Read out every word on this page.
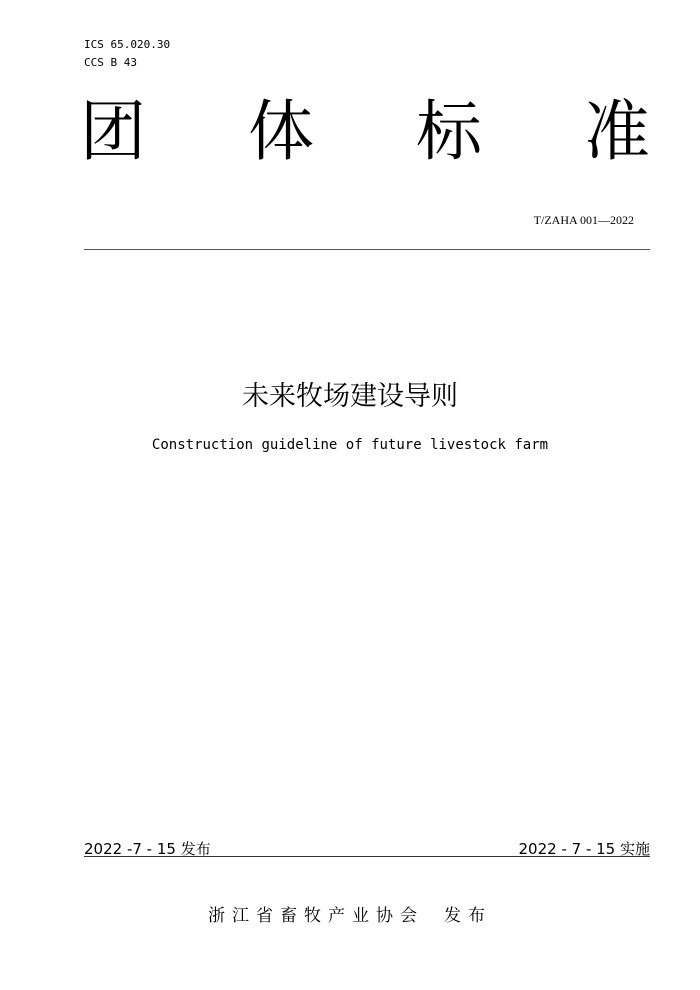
ICS 65.020.30
CCS B 43
团 体 标 准
T/ZAHA 001—2022
未来牧场建设导则
Construction guideline of future livestock farm
2022 -7 - 15 发布	2022 - 7 - 15 实施
浙江省畜牧产业协会 发布
